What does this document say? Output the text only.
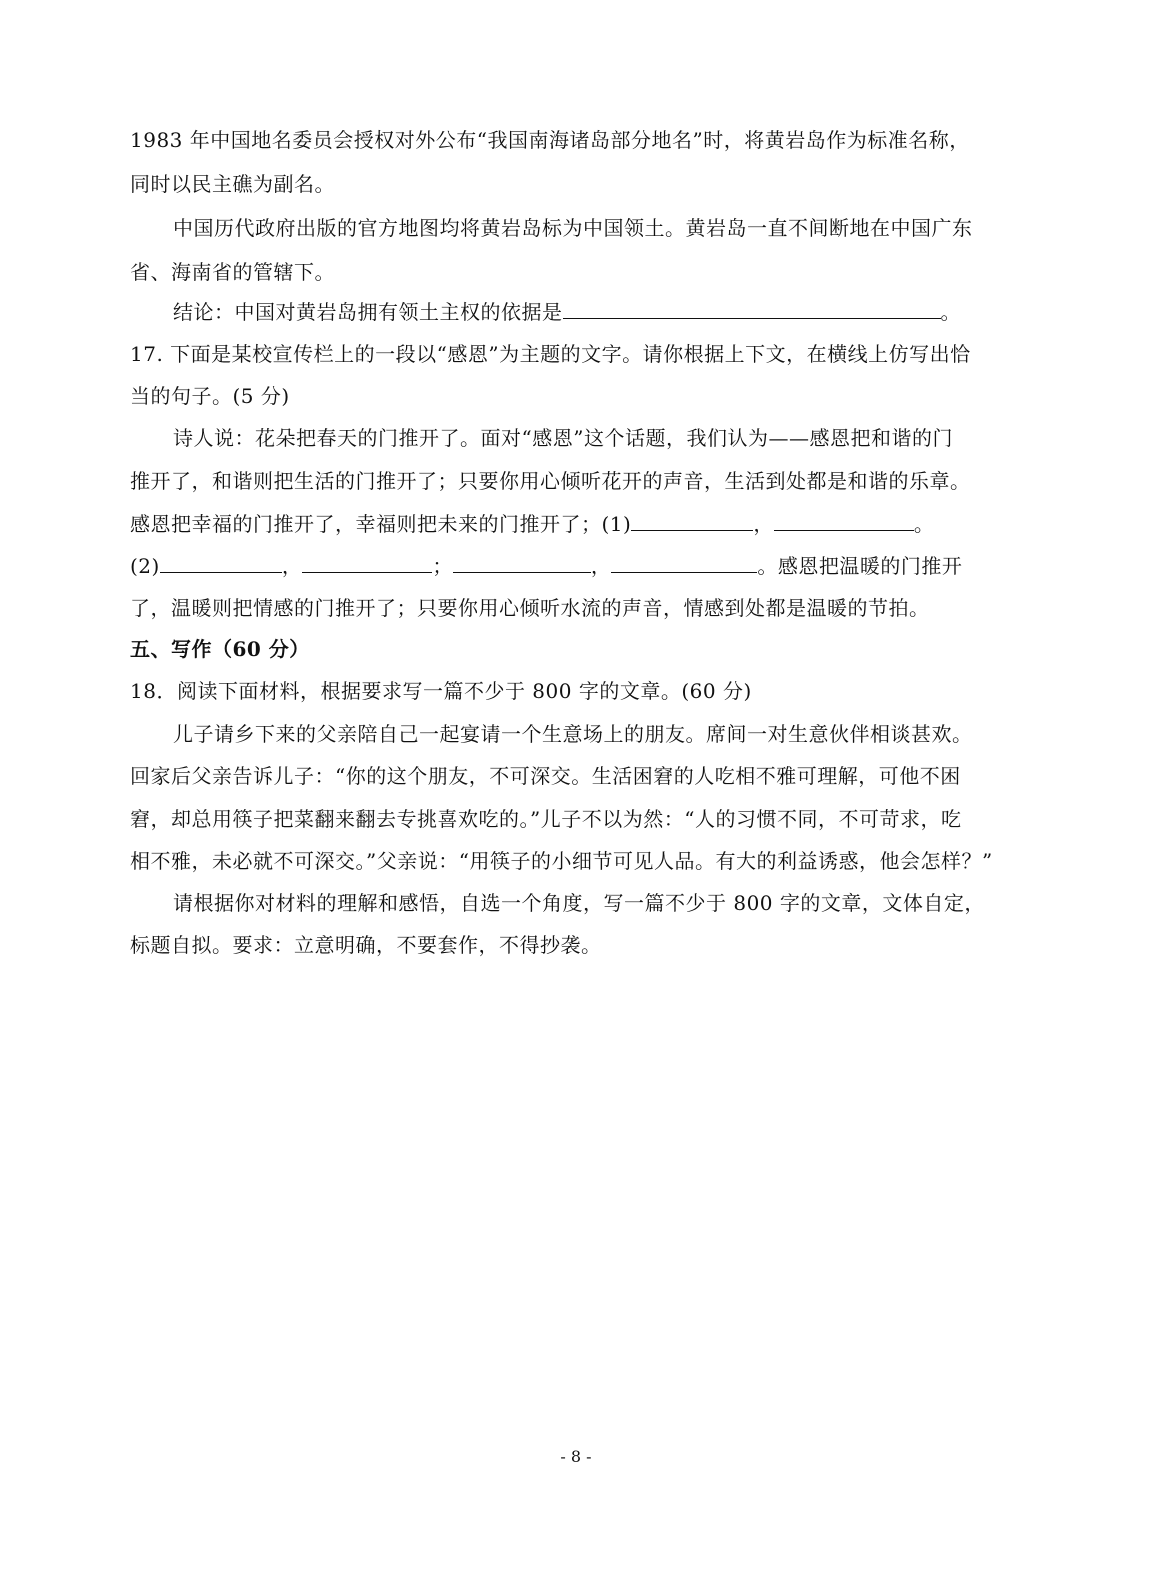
1983 年中国地名委员会授权对外公布“我国南海诸岛部分地名”时，将黄岩岛作为标准名称，
同时以民主礁为副名。
中国历代政府出版的官方地图均将黄岩岛标为中国领土。黄岩岛一直不间断地在中国广东
省、海南省的管辖下。
结论：中国对黄岩岛拥有领土主权的依据是	。
17. 下面是某校宣传栏上的一段以“感恩”为主题的文字。请你根据上下文，在横线上仿写出恰
当的句子。(5 分)
诗人说：花朵把春天的门推开了。面对“感恩”这个话题，我们认为——感恩把和谐的门
推开了，和谐则把生活的门推开了；只要你用心倾听花开的声音，生活到处都是和谐的乐章。
感恩把幸福的门推开了，幸福则把未来的门推开了；(1)	，	。
(2)	，	；	，	。感恩把温暖的门推开
了，温暖则把情感的门推开了；只要你用心倾听水流的声音，情感到处都是温暖的节拍。
五、写作（60 分）
18．阅读下面材料，根据要求写一篇不少于 800 字的文章。(60 分)
儿子请乡下来的父亲陪自己一起宴请一个生意场上的朋友。席间一对生意伙伴相谈甚欢。
回家后父亲告诉儿子：“你的这个朋友，不可深交。生活困窘的人吃相不雅可理解，可他不困
窘，却总用筷子把菜翻来翻去专挑喜欢吃的。”儿子不以为然：“人的习惯不同，不可苛求，吃
相不雅，未必就不可深交。”父亲说：“用筷子的小细节可见人品。有大的利益诱惑，他会怎样？”
请根据你对材料的理解和感悟，自选一个角度，写一篇不少于 800 字的文章，文体自定，
标题自拟。要求：立意明确，不要套作，不得抄袭。
- 8 -
